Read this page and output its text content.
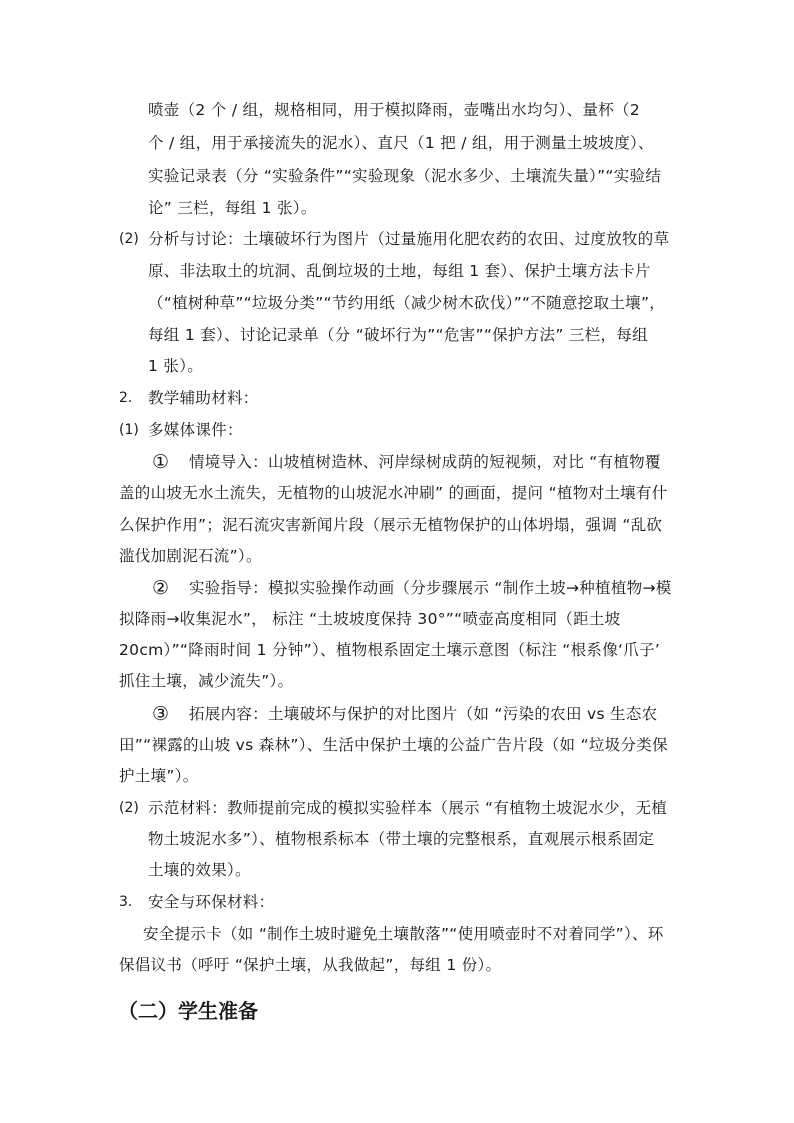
喷壶（2 个 / 组，规格相同，用于模拟降雨，壶嘴出水均匀）、量杯（2
个 / 组，用于承接流失的泥水）、直尺（1 把 / 组，用于测量土坡坡度）、
实验记录表（分 “实验条件”“实验现象（泥水多少、土壤流失量）”“实验结
论” 三栏，每组 1 张）。
(2) 分析与讨论：土壤破坏行为图片（过量施用化肥农药的农田、过度放牧的草
原、非法取土的坑洞、乱倒垃圾的土地，每组 1 套）、保护土壤方法卡片
（“植树种草”“垃圾分类”“节约用纸（减少树木砍伐）”“不随意挖取土壤”，
每组 1 套）、讨论记录单（分 “破坏行为”“危害”“保护方法” 三栏，每组
1 张）。
2. 教学辅助材料：
(1) 多媒体课件：
① 情境导入：山坡植树造林、河岸绿树成荫的短视频，对比 “有植物覆
盖的山坡无水土流失，无植物的山坡泥水冲刷” 的画面，提问 “植物对土壤有什
么保护作用”；泥石流灾害新闻片段（展示无植物保护的山体坍塌，强调 “乱砍
滥伐加剧泥石流”）。
② 实验指导：模拟实验操作动画（分步骤展示 “制作土坡→种植植物→模
拟降雨→收集泥水”， 标注 “土坡坡度保持 30°”“喷壶高度相同（距土坡
20cm）”“降雨时间 1 分钟”）、植物根系固定土壤示意图（标注 “根系像‘爪子’
抓住土壤，减少流失”）。
③ 拓展内容：土壤破坏与保护的对比图片（如 “污染的农田 vs 生态农
田”“裸露的山坡 vs 森林”）、生活中保护土壤的公益广告片段（如 “垃圾分类保
护土壤”）。
(2) 示范材料：教师提前完成的模拟实验样本（展示 “有植物土坡泥水少，无植
物土坡泥水多”）、植物根系标本（带土壤的完整根系，直观展示根系固定
土壤的效果）。
3. 安全与环保材料：
安全提示卡（如 “制作土坡时避免土壤散落”“使用喷壶时不对着同学”）、环
保倡议书（呼吁 “保护土壤，从我做起”，每组 1 份）。
（二）学生准备
